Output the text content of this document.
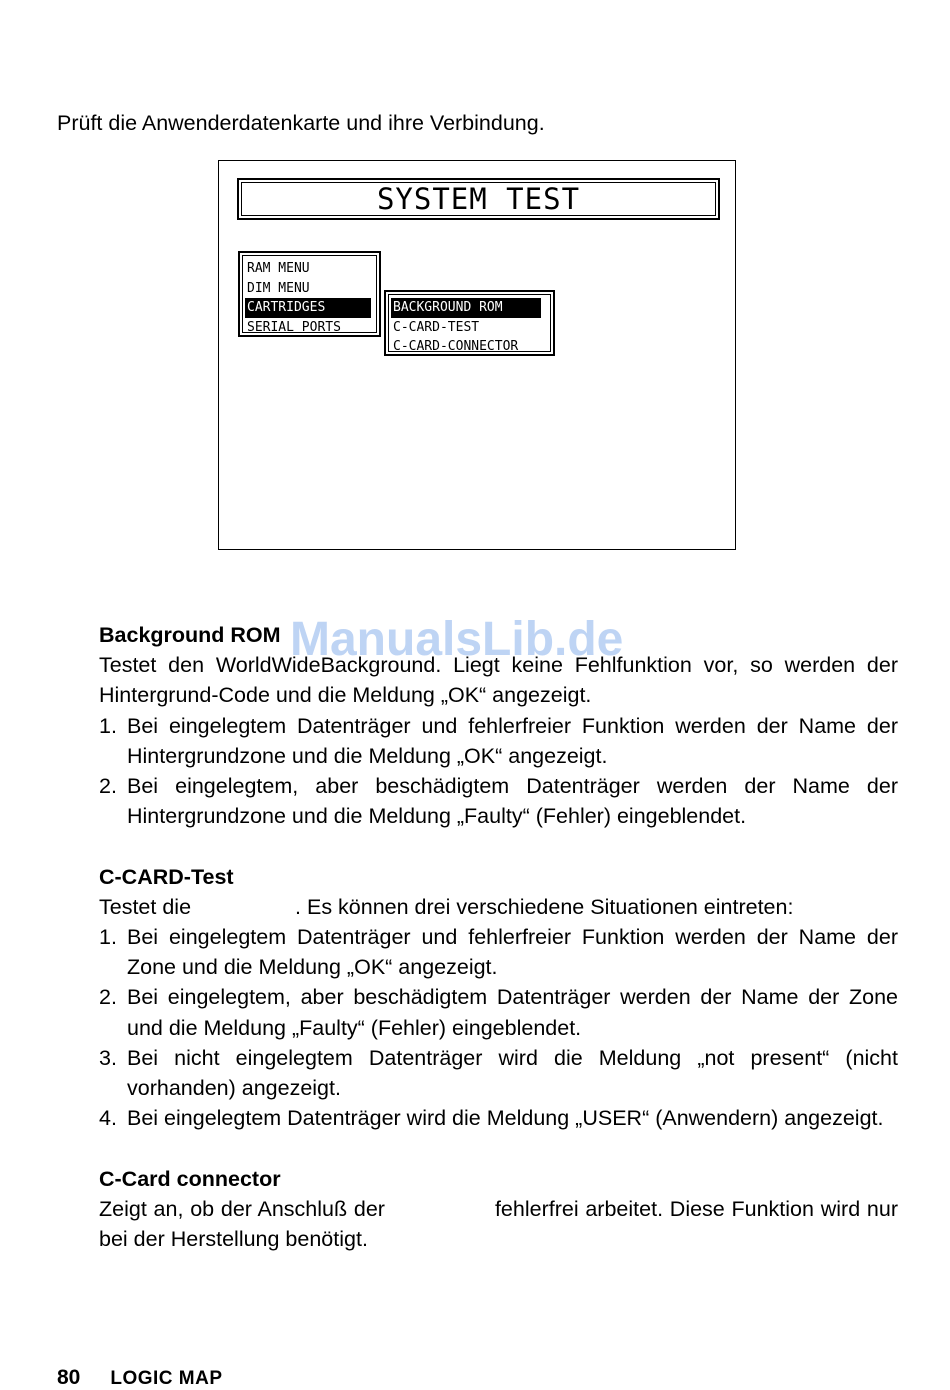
Prüft die Anwenderdatenkarte und ihre Verbindung.

SYSTEM TEST
RAM MENU
DIM MENU
CARTRIDGES
SERIAL PORTS
BACKGROUND ROM
C-CARD-TEST
C-CARD-CONNECTOR
ManualsLib.de
Background ROM

Testet den WorldWideBackground. Liegt keine Fehlfunktion vor, so werden der Hintergrund-Code und die Meldung „OK“ angezeigt.

1. Bei eingelegtem Datenträger und fehlerfreier Funktion werden der Name der Hintergrundzone und die Meldung „OK“ angezeigt.
2. Bei eingelegtem, aber beschädigtem Datenträger werden der Name der Hintergrundzone und die Meldung „Faulty“ (Fehler) eingeblendet.
C-CARD-Test

Testet die	. Es können drei verschiedene Situationen eintreten:

1. Bei eingelegtem Datenträger und fehlerfreier Funktion werden der Name der Zone und die Meldung „OK“ angezeigt.
2. Bei eingelegtem, aber beschädigtem Datenträger werden der Name der Zone und die Meldung „Faulty“ (Fehler) eingeblendet.
3. Bei nicht eingelegtem Datenträger wird die Meldung „not present“ (nicht vorhanden) angezeigt.
4. Bei eingelegtem Datenträger wird die Meldung „USER“ (Anwendern) angezeigt.
C-Card connector

Zeigt an, ob der Anschluß der	fehlerfrei arbeitet. Diese Funktion wird nur bei der Herstellung benötigt.

80 LOGIC MAP
